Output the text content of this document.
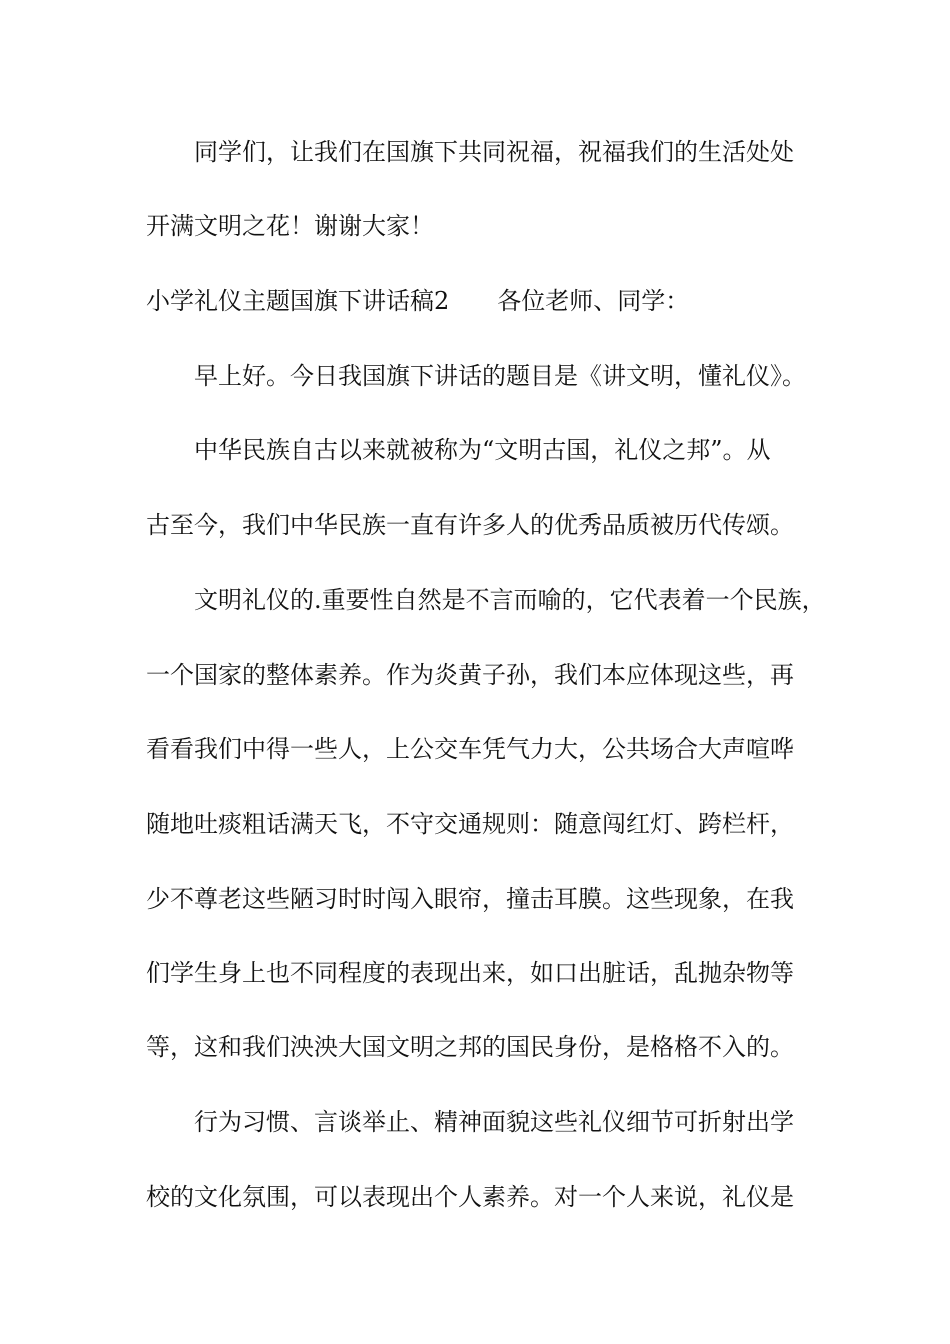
同学们，让我们在国旗下共同祝福，祝福我们的生活处处
开满文明之花！谢谢大家！
小学礼仪主题国旗下讲话稿2　　各位老师、同学：
早上好。今日我国旗下讲话的题目是《讲文明，懂礼仪》。
中华民族自古以来就被称为“文明古国，礼仪之邦”。从
古至今，我们中华民族一直有许多人的优秀品质被历代传颂。
文明礼仪的.重要性自然是不言而喻的，它代表着一个民族，
一个国家的整体素养。作为炎黄子孙，我们本应体现这些，再
看看我们中得一些人，上公交车凭气力大，公共场合大声喧哗
随地吐痰粗话满天飞，不守交通规则：随意闯红灯、跨栏杆，
少不尊老这些陋习时时闯入眼帘，撞击耳膜。这些现象，在我
们学生身上也不同程度的表现出来，如口出脏话，乱抛杂物等
等，这和我们泱泱大国文明之邦的国民身份，是格格不入的。
行为习惯、言谈举止、精神面貌这些礼仪细节可折射出学
校的文化氛围，可以表现出个人素养。对一个人来说，礼仪是
